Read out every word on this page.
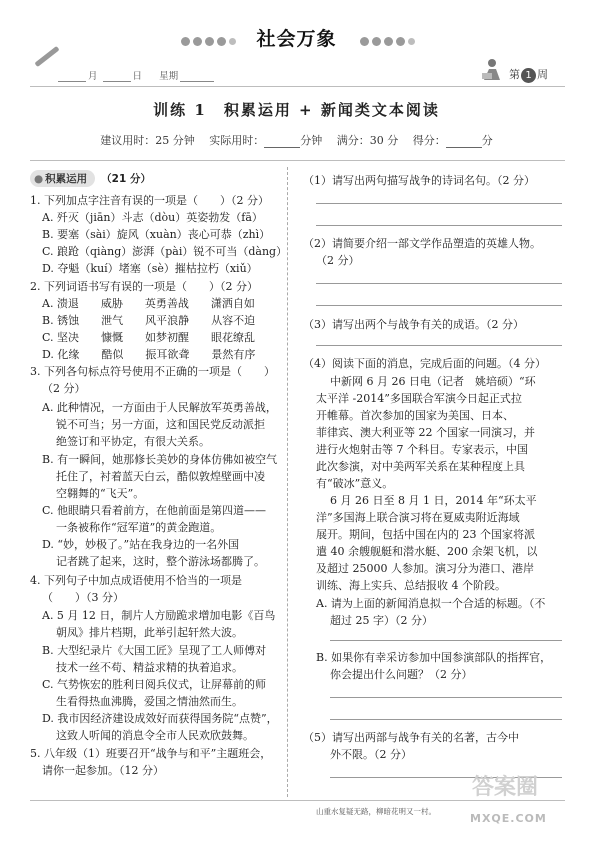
社会万象
月	日 星期	第 1 周
训练 1　积累运用 + 新闻类文本阅读
建议用时：25 分钟 　 实际用时：	分钟 　 满分：30 分 　 得分：	分
● 积累运用	（21 分）
1. 下列加点字注音有误的一项是（　　）（2 分）
A. 歼灭（jiān）斗志（dòu）英姿勃发（fā）
B. 要塞（sài）旋风（xuàn）丧心可恭（zhì）
C. 踉跄（qiàng）澎湃（pài）锐不可当（dàng）
D. 夺魁（kuí）堵塞（sè）摧枯拉朽（xiǔ）
2. 下列词语书写有误的一项是（　　）（2 分）
A. 溃退　　威胁　　英勇善战　　潇洒自如
B. 锈蚀　　泄气　　风平浪静　　从容不迫
C. 坚决　　慷慨　　如梦初醒　　眼花缭乱
D. 化缘　　酷似　　振耳欲聋　　景然有序
3. 下列各句标点符号使用不正确的一项是（　　）
（2 分）
A. 此种情况，一方面由于人民解放军英勇善战，
锐不可当；另一方面，这和国民党反动派拒
绝签订和平协定，有很大关系。
B. 有一瞬间，她那修长美妙的身体仿佛如被空气
托住了，衬着蓝天白云，酷似敦煌壁画中凌
空翱舞的“飞天”。
C. 他眼睛只看着前方，在他前面是第四道——
一条被称作“冠军道”的黄金跑道。
D. “妙，妙极了。”站在我身边的一名外国
记者跳了起来，这时，整个游泳场都腾了。
4. 下列句子中加点成语使用不恰当的一项是
（　　）（3 分）
A. 5 月 12 日，制片人方励跪求增加电影《百鸟
朝凤》排片档期，此举引起轩然大波。
B. 大型纪录片《大国工匠》呈现了工人师傅对
技术一丝不苟、精益求精的执着追求。
C. 气势恢宏的胜利日阅兵仪式，让屏幕前的师
生看得热血沸腾，爱国之情油然而生。
D. 我市因经济建设成效好而获得国务院“点赞”，
这致人听闻的消息令全市人民欢欣鼓舞。
5. 八年级（1）班要召开“战争与和平”主题班会，
请你一起参加。（12 分）
（1）请写出两句描写战争的诗词名句。（2 分）
（2）请简要介绍一部文学作品塑造的英雄人物。
（2 分）
（3）请写出两个与战争有关的成语。（2 分）
（4）阅读下面的消息，完成后面的问题。（4 分）
中新网 6 月 26 日电（记者　姚培硕）“环
太平洋 -2014”多国联合军演今日起正式拉
开帷幕。首次参加的国家为美国、日本、
菲律宾、澳大利亚等 22 个国家一同演习，并
进行火炮射击等 7 个科目。专家表示，中国
此次参演，对中美两军关系在某种程度上具
有“破冰”意义。
6 月 26 日至 8 月 1 日，2014 年“环太平
洋”多国海上联合演习将在夏威夷附近海域
展开。期间，包括中国在内的 23 个国家将派
遣 40 余艘舰艇和潜水艇、200 余架飞机，以
及超过 25000 人参加。演习分为港口、港岸
训练、海上实兵、总结报收 4 个阶段。
A. 请为上面的新闻消息拟一个合适的标题。（不
超过 25 字）（2 分）
B. 如果你有幸采访参加中国参演部队的指挥官，
你会提出什么问题？（2 分）
（5）请写出两部与战争有关的名著，古今中
外不限。（2 分）
山重水复疑无路，柳暗花明又一村。
答案圈
MXQE.COM
